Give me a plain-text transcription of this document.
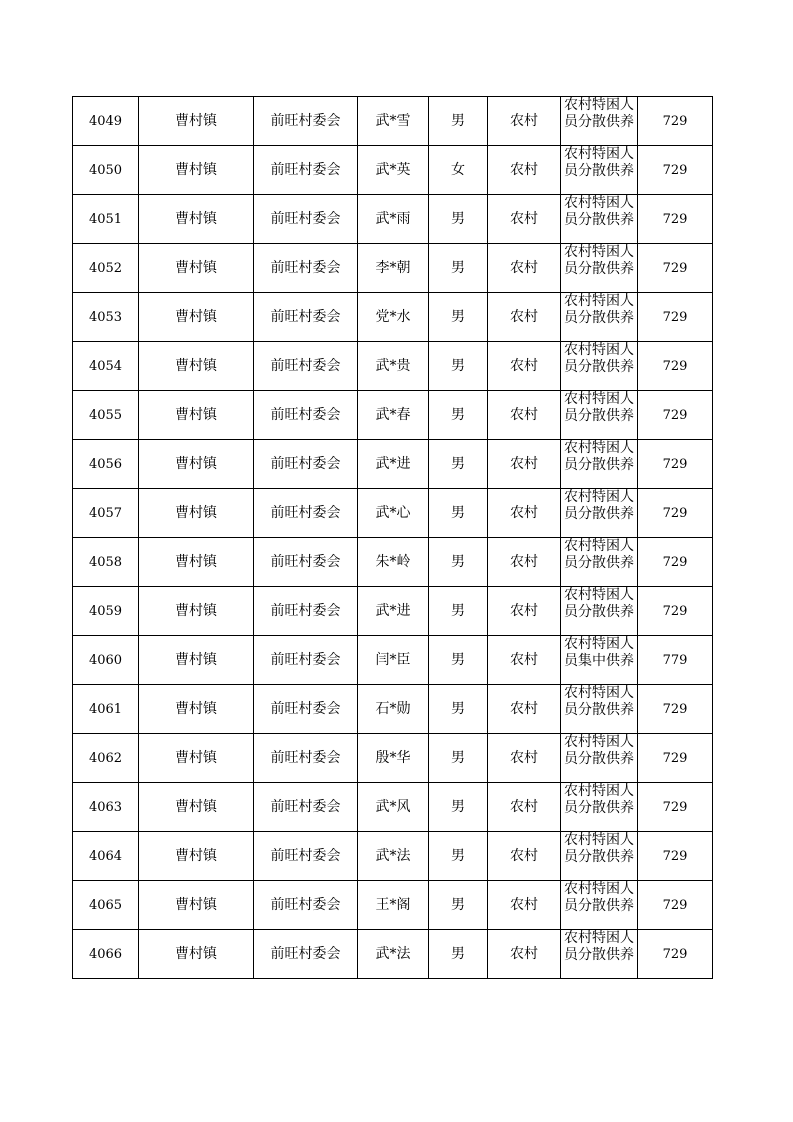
4049	曹村镇	前旺村委会	武*雪	男	农村	农村特困人员分散供养	729
4050	曹村镇	前旺村委会	武*英	女	农村	农村特困人员分散供养	729
4051	曹村镇	前旺村委会	武*雨	男	农村	农村特困人员分散供养	729
4052	曹村镇	前旺村委会	李*朝	男	农村	农村特困人员分散供养	729
4053	曹村镇	前旺村委会	党*水	男	农村	农村特困人员分散供养	729
4054	曹村镇	前旺村委会	武*贵	男	农村	农村特困人员分散供养	729
4055	曹村镇	前旺村委会	武*春	男	农村	农村特困人员分散供养	729
4056	曹村镇	前旺村委会	武*进	男	农村	农村特困人员分散供养	729
4057	曹村镇	前旺村委会	武*心	男	农村	农村特困人员分散供养	729
4058	曹村镇	前旺村委会	朱*岭	男	农村	农村特困人员分散供养	729
4059	曹村镇	前旺村委会	武*进	男	农村	农村特困人员分散供养	729
4060	曹村镇	前旺村委会	闫*臣	男	农村	农村特困人员集中供养	779
4061	曹村镇	前旺村委会	石*勋	男	农村	农村特困人员分散供养	729
4062	曹村镇	前旺村委会	殷*华	男	农村	农村特困人员分散供养	729
4063	曹村镇	前旺村委会	武*风	男	农村	农村特困人员分散供养	729
4064	曹村镇	前旺村委会	武*法	男	农村	农村特困人员分散供养	729
4065	曹村镇	前旺村委会	王*阁	男	农村	农村特困人员分散供养	729
4066	曹村镇	前旺村委会	武*法	男	农村	农村特困人员分散供养	729
